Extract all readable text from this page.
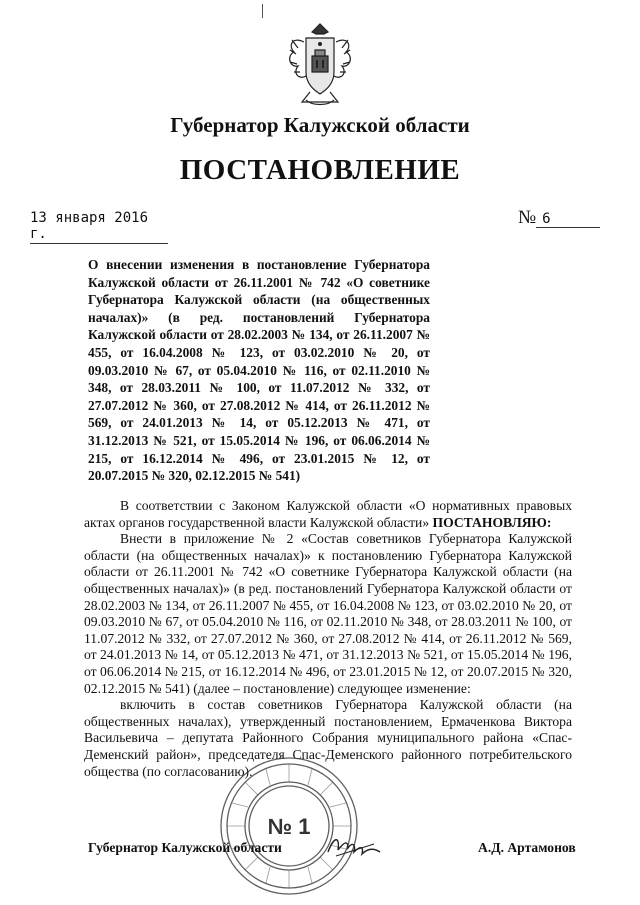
Губернатор Калужской области
ПОСТАНОВЛЕНИЕ
13 января 2016 г.
№ 6
О внесении изменения в постановление Губернатора Калужской области от 26.11.2001 № 742 «О советнике Губернатора Калужской области (на общественных началах)» (в ред. постановлений Губернатора Калужской области от 28.02.2003 № 134, от 26.11.2007 № 455, от 16.04.2008 № 123, от 03.02.2010 № 20, от 09.03.2010 № 67, от 05.04.2010 № 116, от 02.11.2010 № 348, от 28.03.2011 № 100, от 11.07.2012 № 332, от 27.07.2012 № 360, от 27.08.2012 № 414, от 26.11.2012 № 569, от 24.01.2013 № 14, от 05.12.2013 № 471, от 31.12.2013 № 521, от 15.05.2014 № 196, от 06.06.2014 № 215, от 16.12.2014 № 496, от 23.01.2015 № 12, от 20.07.2015 № 320, 02.12.2015 № 541)

В соответствии с Законом Калужской области «О нормативных правовых актах органов государственной власти Калужской области» ПОСТАНОВЛЯЮ:

Внести в приложение № 2 «Состав советников Губернатора Калужской области (на общественных началах)» к постановлению Губернатора Калужской области от 26.11.2001 № 742 «О советнике Губернатора Калужской области (на общественных началах)» (в ред. постановлений Губернатора Калужской области от 28.02.2003 № 134, от 26.11.2007 № 455, от 16.04.2008 № 123, от 03.02.2010 № 20, от 09.03.2010 № 67, от 05.04.2010 № 116, от 02.11.2010 № 348, от 28.03.2011 № 100, от 11.07.2012 № 332, от 27.07.2012 № 360, от 27.08.2012 № 414, от 26.11.2012 № 569, от 24.01.2013 № 14, от 05.12.2013 № 471, от 31.12.2013 № 521, от 15.05.2014 № 196, от 06.06.2014 № 215, от 16.12.2014 № 496, от 23.01.2015 № 12, от 20.07.2015 № 320, 02.12.2015 № 541) (далее – постановление) следующее изменение:

включить в состав советников Губернатора Калужской области (на общественных началах), утвержденный постановлением, Ермаченкова Виктора Васильевича – депутата Районного Собрания муниципального района «Спас-Деменский район», председателя Спас-Деменского районного потребительского общества (по согласованию).

№ 1
Губернатор Калужской области	А.Д. Артамонов
